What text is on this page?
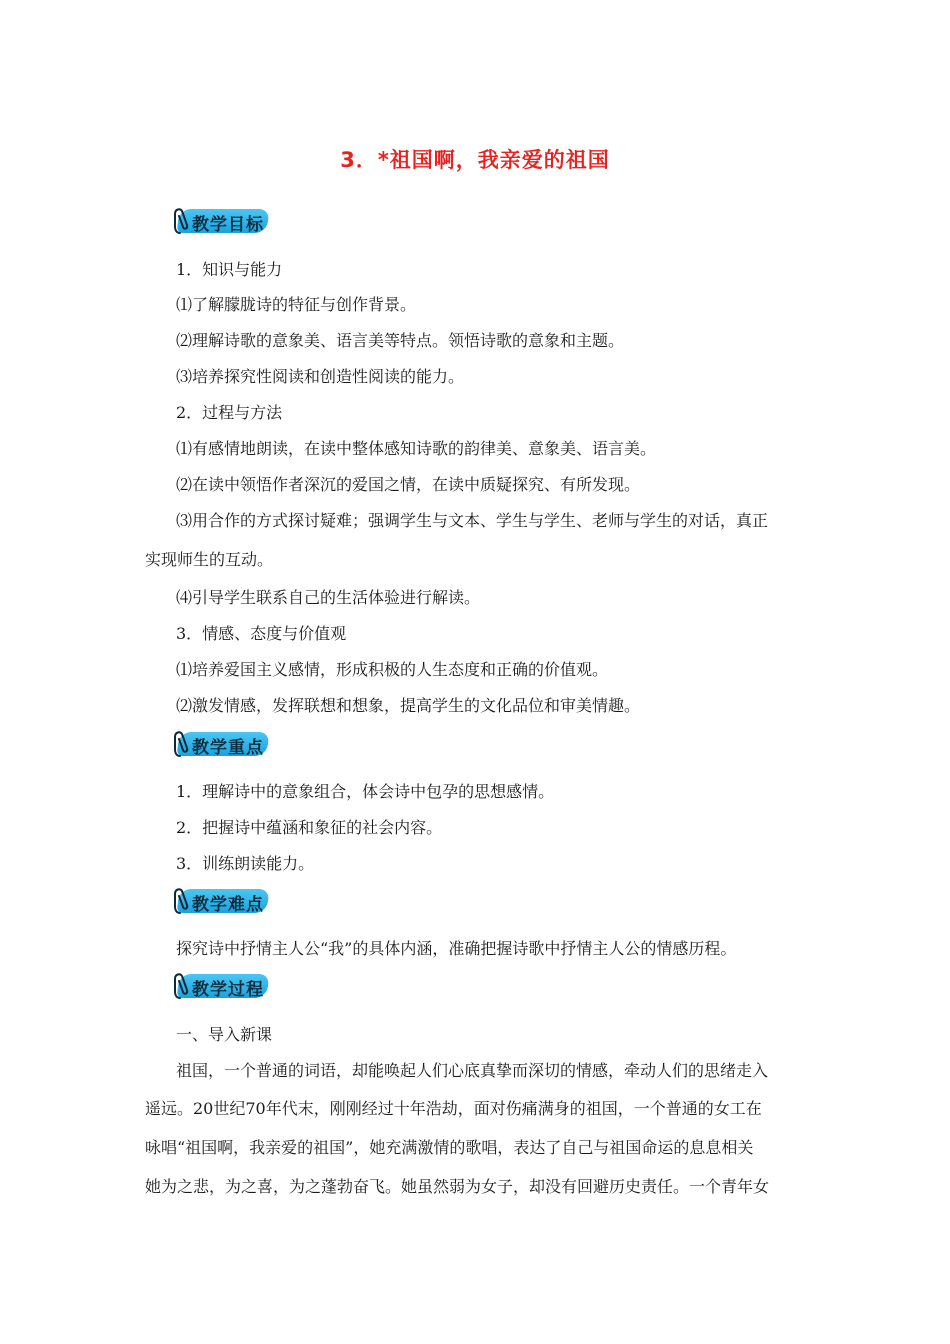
3．*祖国啊，我亲爱的祖国
教学目标
1．知识与能力
⑴了解朦胧诗的特征与创作背景。
⑵理解诗歌的意象美、语言美等特点。领悟诗歌的意象和主题。
⑶培养探究性阅读和创造性阅读的能力。
2．过程与方法
⑴有感情地朗读，在读中整体感知诗歌的韵律美、意象美、语言美。
⑵在读中领悟作者深沉的爱国之情，在读中质疑探究、有所发现。
⑶用合作的方式探讨疑难；强调学生与文本、学生与学生、老师与学生的对话，真正
实现师生的互动。
⑷引导学生联系自己的生活体验进行解读。
3．情感、态度与价值观
⑴培养爱国主义感情，形成积极的人生态度和正确的价值观。
⑵激发情感，发挥联想和想象，提高学生的文化品位和审美情趣。
教学重点
1．理解诗中的意象组合，体会诗中包孕的思想感情。
2．把握诗中蕴涵和象征的社会内容。
3．训练朗读能力。
教学难点
探究诗中抒情主人公“我”的具体内涵，准确把握诗歌中抒情主人公的情感历程。
教学过程
一、导入新课
祖国，一个普通的词语，却能唤起人们心底真挚而深切的情感，牵动人们的思绪走入
遥远。20世纪70年代末，刚刚经过十年浩劫，面对伤痛满身的祖国，一个普通的女工在
咏唱“祖国啊，我亲爱的祖国”，她充满激情的歌唱，表达了自己与祖国命运的息息相关
她为之悲，为之喜，为之蓬勃奋飞。她虽然弱为女子，却没有回避历史责任。一个青年女
